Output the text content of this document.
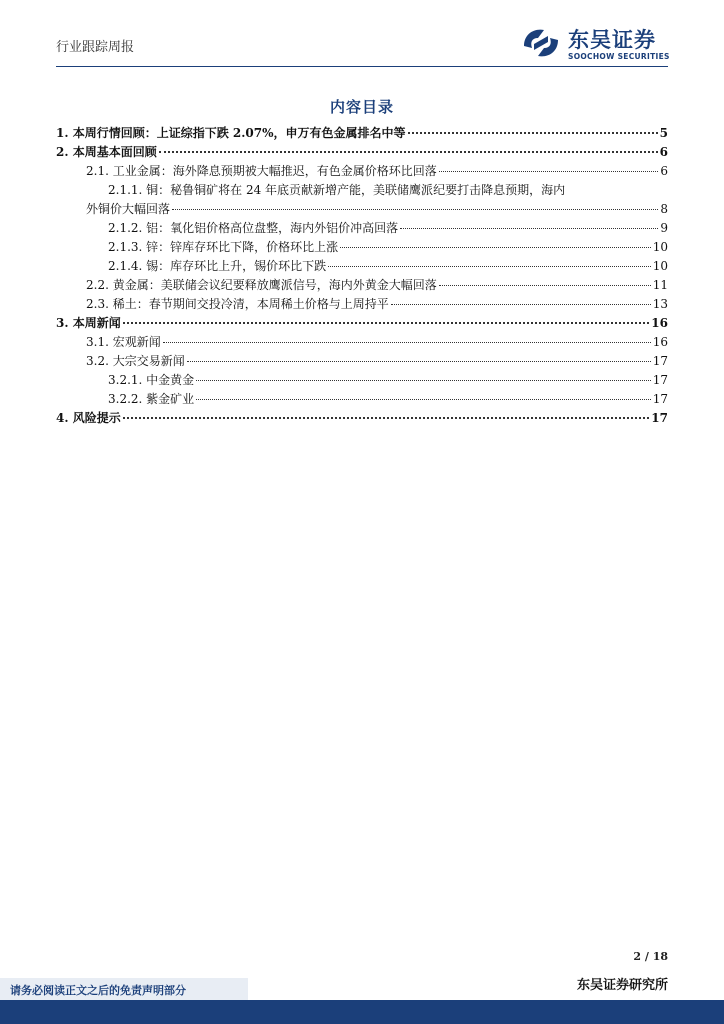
行业跟踪周报	东吴证券
SOOCHOW SECURITIES
内容目录
1. 本周行情回顾：上证综指下跌 2.07%，申万有色金属排名中等	5
2. 本周基本面回顾	6
2.1. 工业金属：海外降息预期被大幅推迟，有色金属价格环比回落	6
2.1.1. 铜：秘鲁铜矿将在 24 年底贡献新增产能，美联储鹰派纪要打击降息预期，海内
外铜价大幅回落	8
2.1.2. 铝：氧化铝价格高位盘整，海内外铝价冲高回落	9
2.1.3. 锌：锌库存环比下降，价格环比上涨	10
2.1.4. 锡：库存环比上升，锡价环比下跌	10
2.2. 黄金属：美联储会议纪要释放鹰派信号，海内外黄金大幅回落	11
2.3. 稀土：春节期间交投冷清，本周稀土价格与上周持平	13
3. 本周新闻	16
3.1. 宏观新闻	16
3.2. 大宗交易新闻	17
3.2.1. 中金黄金	17
3.2.2. 紫金矿业	17
4. 风险提示	17
2 / 18
请务必阅读正文之后的免责声明部分	东吴证券研究所
